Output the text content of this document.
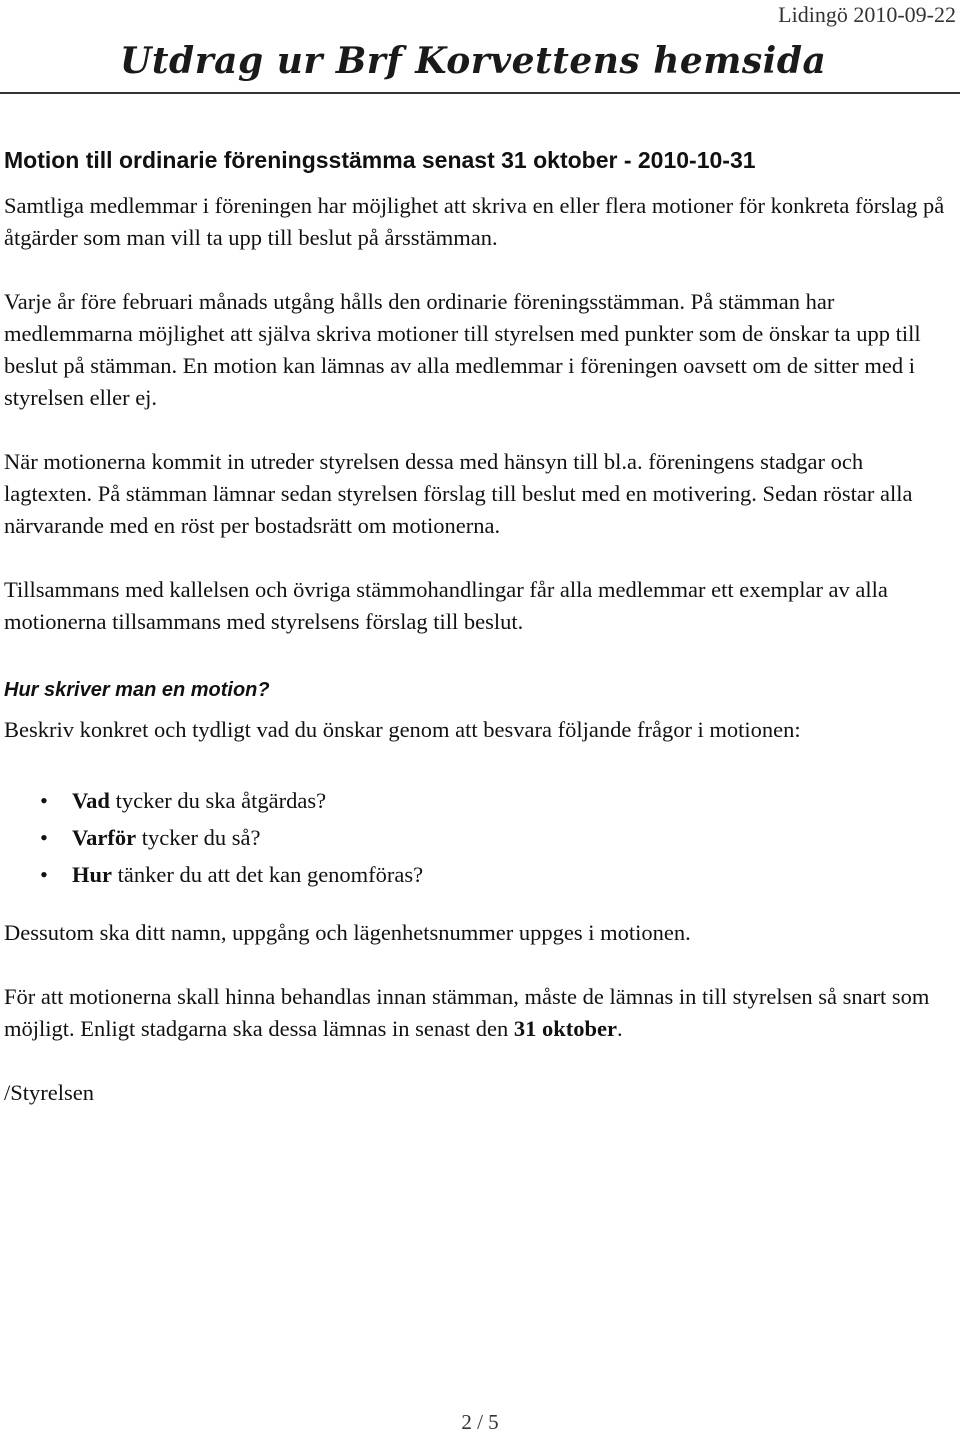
Lidingö 2010-09-22
Utdrag ur Brf Korvettens hemsida
Motion till ordinarie föreningsstämma senast 31 oktober - 2010-10-31

Samtliga medlemmar i föreningen har möjlighet att skriva en eller flera motioner för konkreta förslag på åtgärder som man vill ta upp till beslut på årsstämman.

Varje år före februari månads utgång hålls den ordinarie föreningsstämman. På stämman har medlemmarna möjlighet att själva skriva motioner till styrelsen med punkter som de önskar ta upp till beslut på stämman. En motion kan lämnas av alla medlemmar i föreningen oavsett om de sitter med i styrelsen eller ej.

När motionerna kommit in utreder styrelsen dessa med hänsyn till bl.a. föreningens stadgar och lagtexten. På stämman lämnar sedan styrelsen förslag till beslut med en motivering. Sedan röstar alla närvarande med en röst per bostadsrätt om motionerna.

Tillsammans med kallelsen och övriga stämmohandlingar får alla medlemmar ett exemplar av alla motionerna tillsammans med styrelsens förslag till beslut.

Hur skriver man en motion?

Beskriv konkret och tydligt vad du önskar genom att besvara följande frågor i motionen:

• Vad tycker du ska åtgärdas?
• Varför tycker du så?
• Hur tänker du att det kan genomföras?

Dessutom ska ditt namn, uppgång och lägenhetsnummer uppges i motionen.

För att motionerna skall hinna behandlas innan stämman, måste de lämnas in till styrelsen så snart som möjligt. Enligt stadgarna ska dessa lämnas in senast den 31 oktober.

/Styrelsen

2 / 5
